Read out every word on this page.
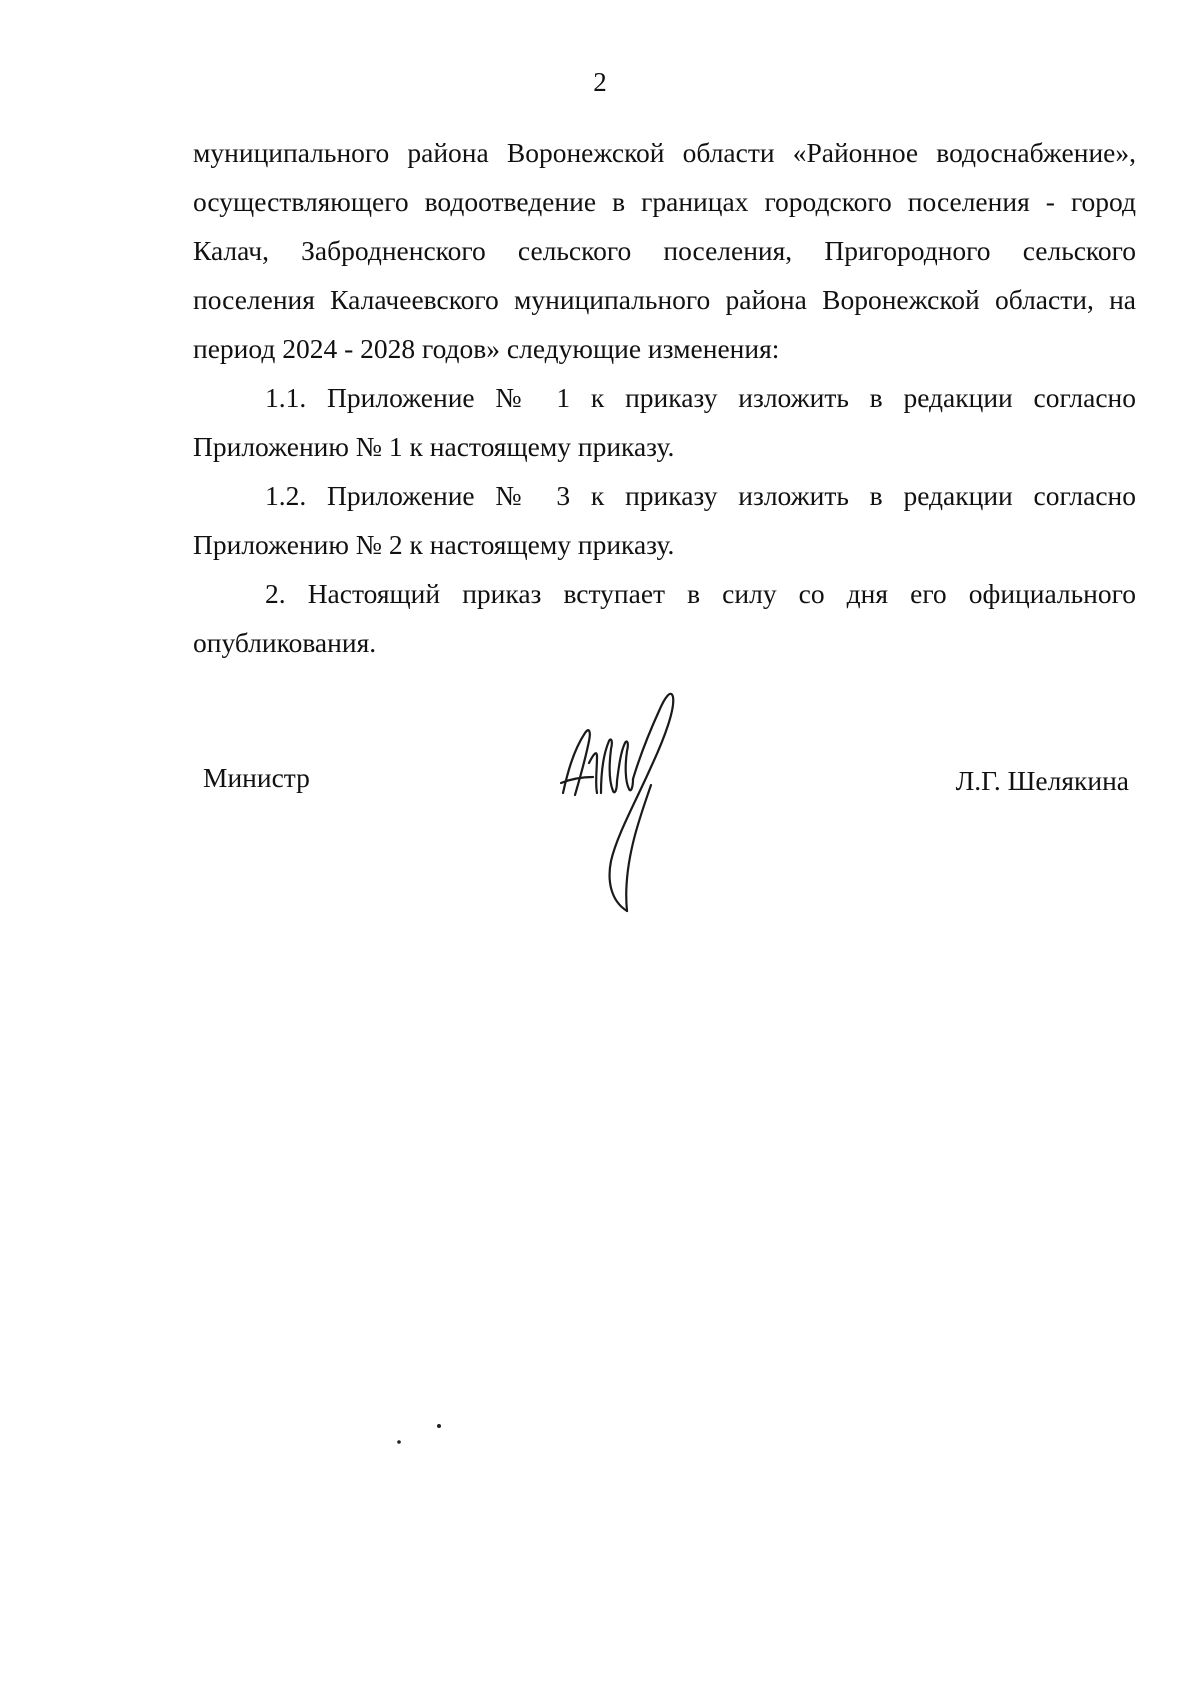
2

муниципального района Воронежской области «Районное водоснабжение», осуществляющего водоотведение в границах городского поселения - город Калач, Забродненского сельского поселения, Пригородного сельского поселения Калачеевского муниципального района Воронежской области, на период 2024 - 2028 годов» следующие изменения:

1.1. Приложение № 1 к приказу изложить в редакции согласно Приложению № 1 к настоящему приказу.

1.2. Приложение № 3 к приказу изложить в редакции согласно Приложению № 2 к настоящему приказу.

2. Настоящий приказ вступает в силу со дня его официального опубликования.

Министр	Л.Г. Шелякина
